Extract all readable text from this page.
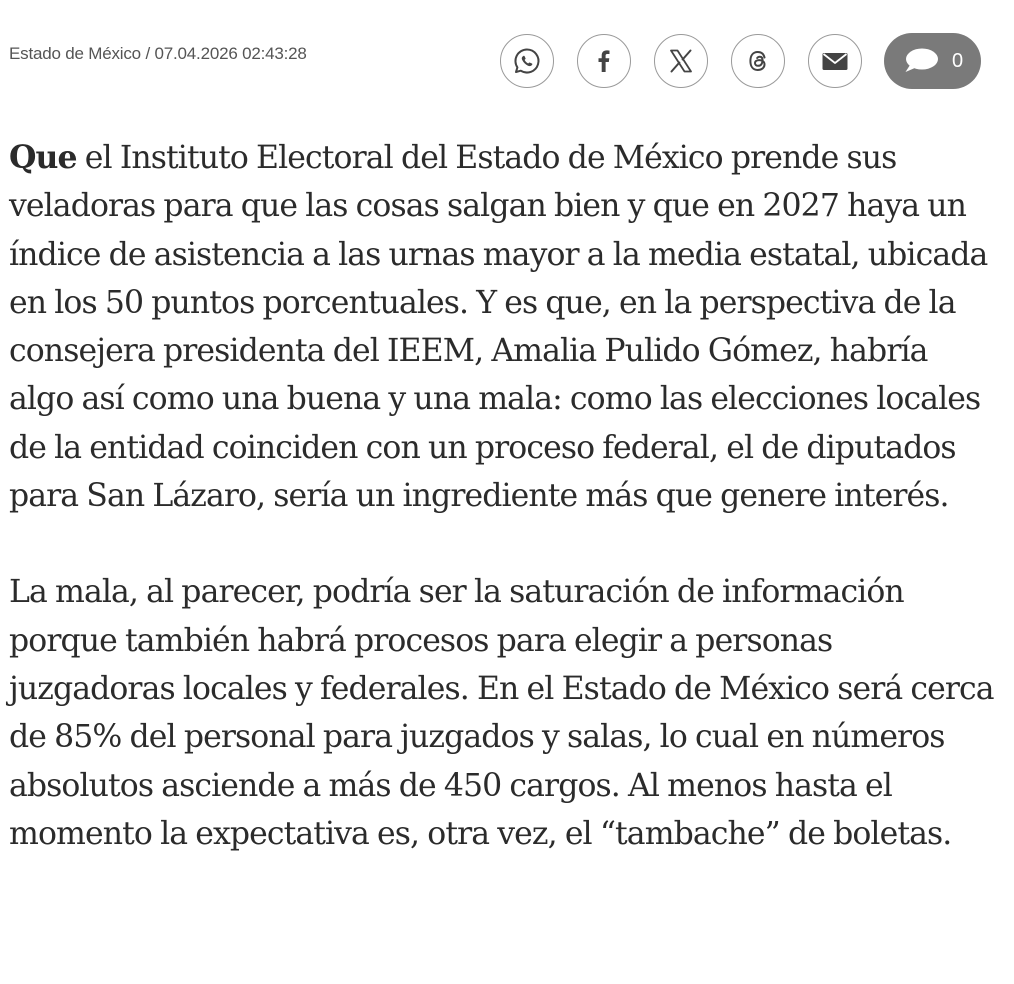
Estado de México / 07.04.2026 02:43:28	0

Que el Instituto Electoral del Estado de México prende sus veladoras para que las cosas salgan bien y que en 2027 haya un índice de asistencia a las urnas mayor a la media estatal, ubicada en los 50 puntos porcentuales. Y es que, en la perspectiva de la consejera presidenta del IEEM, Amalia Pulido Gómez, habría algo así como una buena y una mala: como las elecciones locales de la entidad coinciden con un proceso federal, el de diputados para San Lázaro, sería un ingrediente más que genere interés.

La mala, al parecer, podría ser la saturación de información porque también habrá procesos para elegir a personas juzgadoras locales y federales. En el Estado de México será cerca de 85% del personal para juzgados y salas, lo cual en números absolutos asciende a más de 450 cargos. Al menos hasta el momento la expectativa es, otra vez, el “tambache” de boletas.
